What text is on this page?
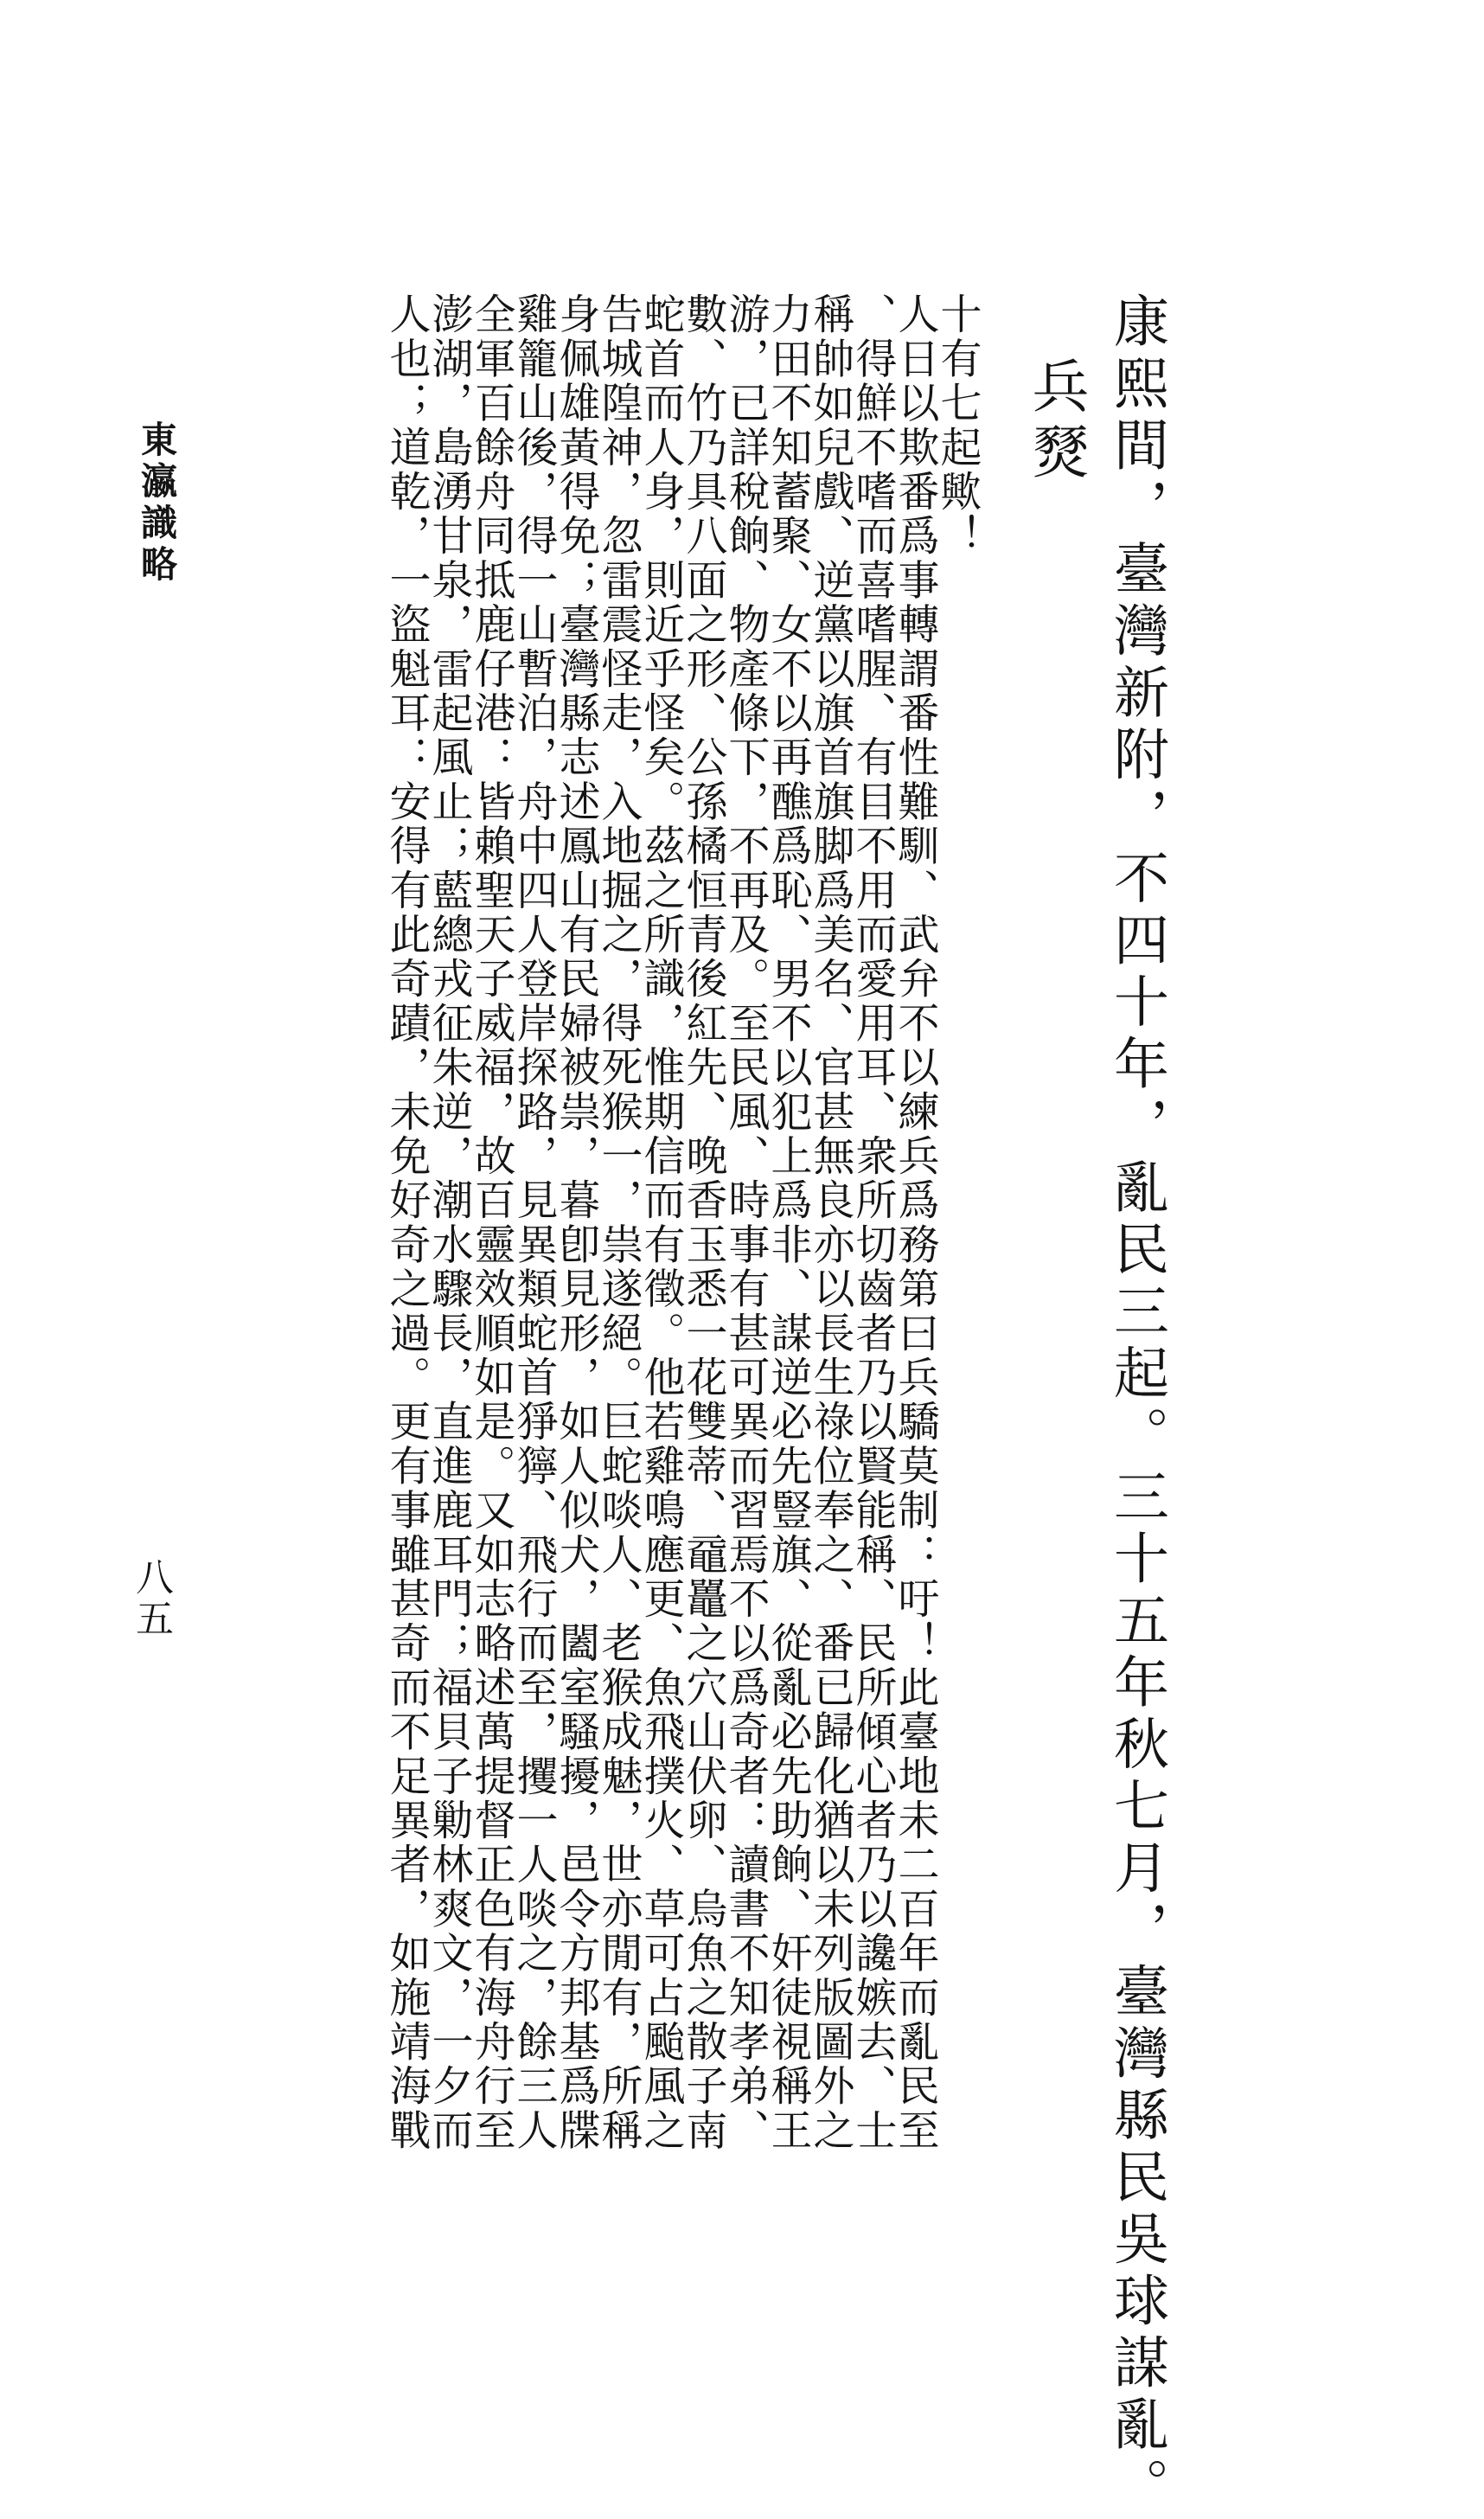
人也；道乾，一盜魁耳：安得有此奇蹟，未免好奇之過。更有事雖甚奇而不足異者，如施靖海戰
澎湖，島湧甘泉，雷起風止；藍總戎征朱逆，潮水驟長，直進鹿耳門；福貝子勦林爽文，一夕而
全軍百餘舟同抵鹿仔港：皆賴聖天子威福，故百靈效順如是。又如志略述萬提督正色有海舟行至
雞籠山後，得一山暫泊，舟中四人登岸探路，見異類蛇首猙獰、飛行而至，攫一人啖之，餘三人
身佩雄黃得免；臺灣縣志述鳳山有民婦被祟，暮卽見形，如人似犬，闔室騷擾，邑令方邦基爲牒
告城隍神，忽雷震怪走，入地掘之，得死猴一，祟遂絕。巨蛇啖人、老猴成魅，世亦閒有，所稱
蛇首而人身，則近乎怪矣。茲之所識，惟期信而有徵。他若雞鳴應更、魚飛撲火、草可占颱風之
數、竹乃具八面之形、公孫橘恒青後紅先、晚香玉悉一花雙蒂、黿鼉之穴山伏卵、烏魚之散子南
游，已詳稅餉、物產條下，不再及。至民風、時事有甚可異而習焉不以爲奇者：讀書不知孝弟、
力田不知蓄聚、女不以再醮爲恥、男不以犯上爲非、謀逆必先豎旗、從亂必先助餉、奸徒視稱王
稱帥如兒戲、逆黨以旗首旗脚爲美名、官甚無良亦以長生祿位奉之、番已歸化猶以未列版圖外之
、得鮮不嗜而喜嗜腥、有目不用而愛用耳、衆所切齒者乃以賢能稱、民所傾心者乃以讒嫉去、士
人日以欺番爲事轉謂番性難馴、武弁不以練兵爲務第曰兵驕莫制：吁！此臺地未二百年而亂民至
十有七起歟！ 兵燹 康熙間，臺灣新附，不四十年，亂民三起。三十五年秋七月，臺灣縣民吳球謀亂。
東瀛識略
八五
